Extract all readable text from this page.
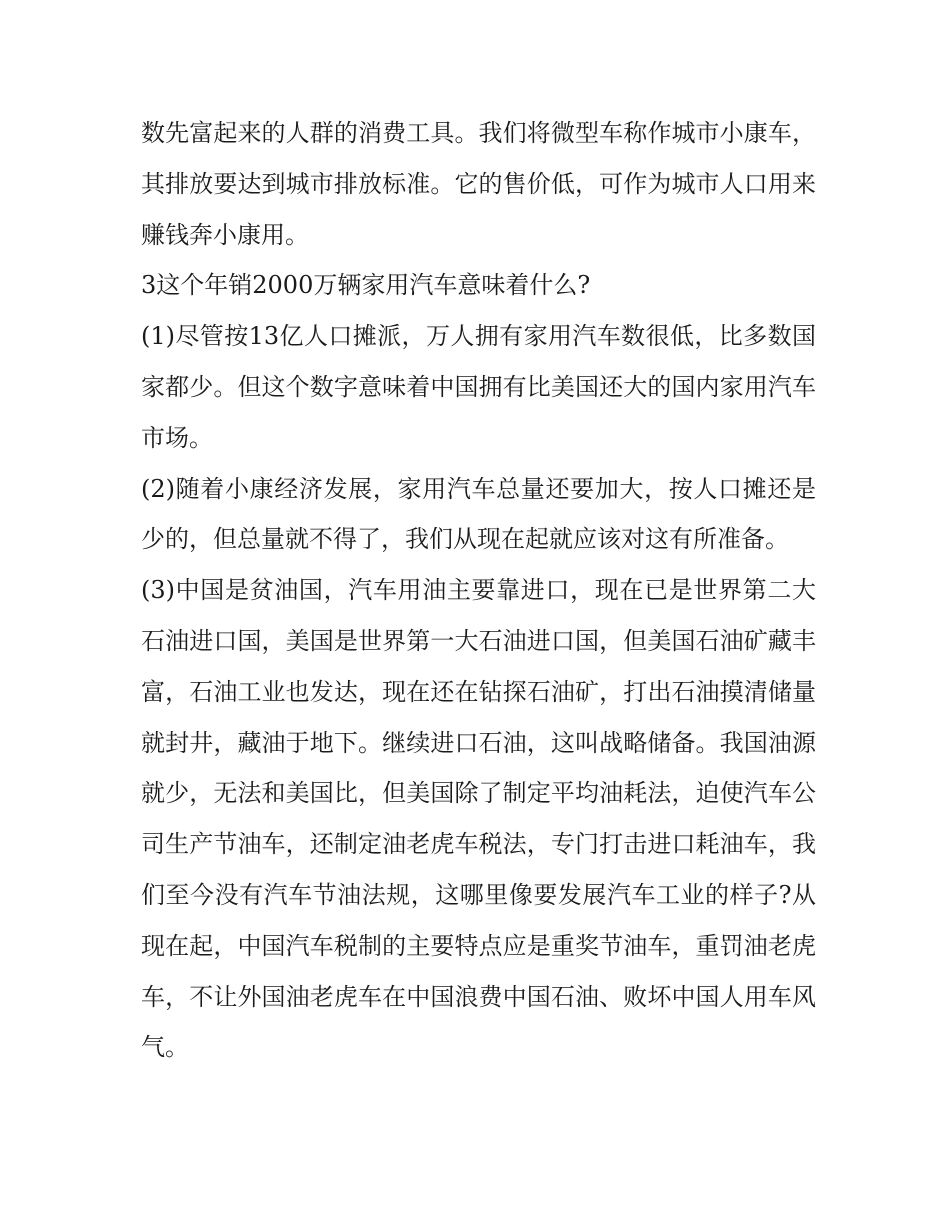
数先富起来的人群的消费工具。我们将微型车称作城市小康车，其排放要达到城市排放标准。它的售价低，可作为城市人口用来赚钱奔小康用。

3这个年销2000万辆家用汽车意味着什么?

(1)尽管按13亿人口摊派，万人拥有家用汽车数很低，比多数国家都少。但这个数字意味着中国拥有比美国还大的国内家用汽车市场。

(2)随着小康经济发展，家用汽车总量还要加大，按人口摊还是少的，但总量就不得了，我们从现在起就应该对这有所准备。

(3)中国是贫油国，汽车用油主要靠进口，现在已是世界第二大石油进口国，美国是世界第一大石油进口国，但美国石油矿藏丰富，石油工业也发达，现在还在钻探石油矿，打出石油摸清储量就封井，藏油于地下。继续进口石油，这叫战略储备。我国油源就少，无法和美国比，但美国除了制定平均油耗法，迫使汽车公司生产节油车，还制定油老虎车税法，专门打击进口耗油车，我们至今没有汽车节油法规，这哪里像要发展汽车工业的样子?从现在起，中国汽车税制的主要特点应是重奖节油车，重罚油老虎车，不让外国油老虎车在中国浪费中国石油、败坏中国人用车风气。
